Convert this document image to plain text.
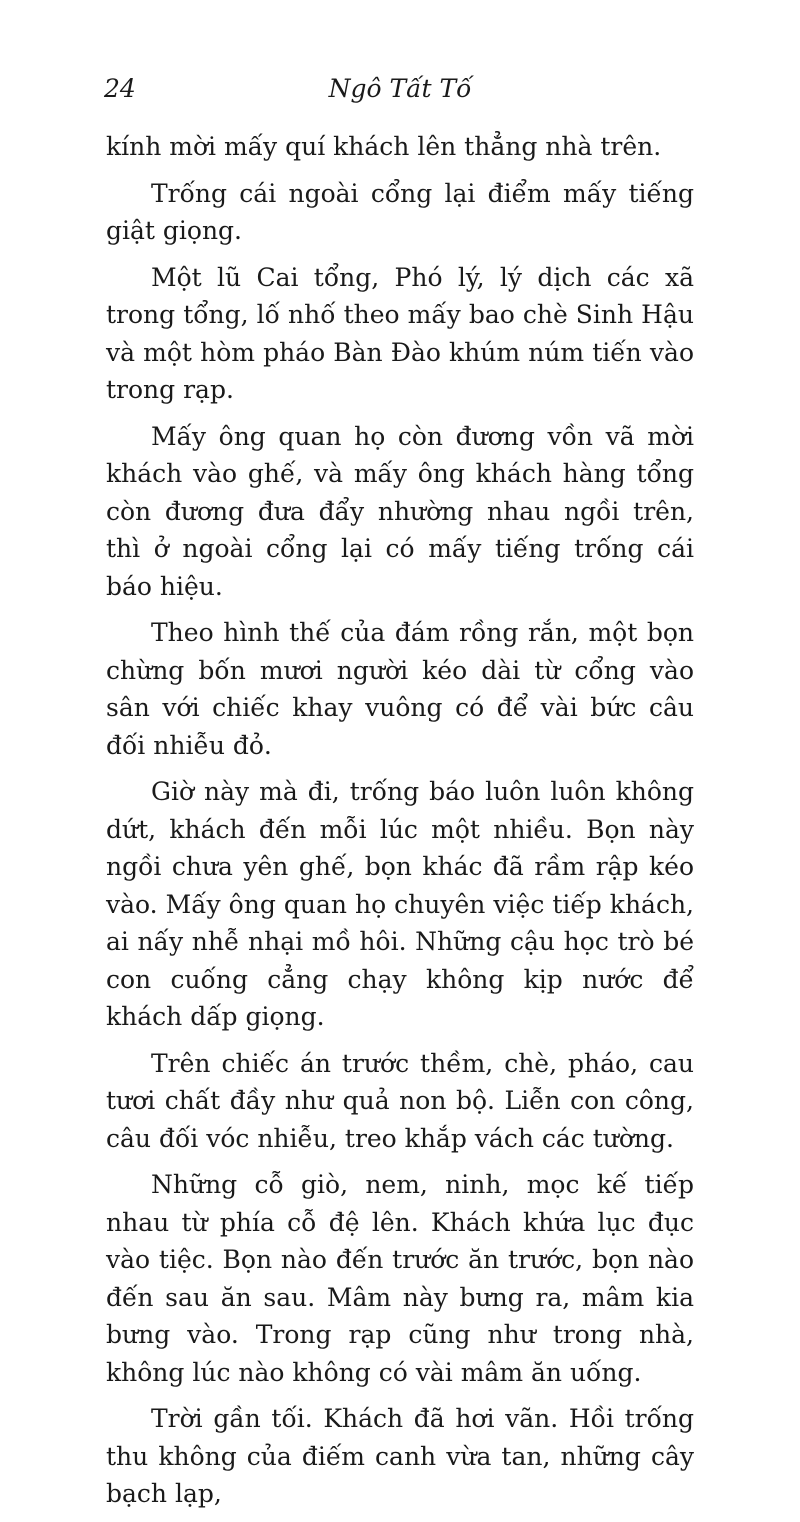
24	Ngô Tất Tố

kính mời mấy quí khách lên thẳng nhà trên.

Trống cái ngoài cổng lại điểm mấy tiếng giật giọng.

Một lũ Cai tổng, Phó lý, lý dịch các xã trong tổng, lố nhố theo mấy bao chè Sinh Hậu và một hòm pháo Bàn Đào khúm núm tiến vào trong rạp.

Mấy ông quan họ còn đương vồn vã mời khách vào ghế, và mấy ông khách hàng tổng còn đương đưa đẩy nhường nhau ngồi trên, thì ở ngoài cổng lại có mấy tiếng trống cái báo hiệu.

Theo hình thế của đám rồng rắn, một bọn chừng bốn mươi người kéo dài từ cổng vào sân với chiếc khay vuông có để vài bức câu đối nhiễu đỏ.

Giờ này mà đi, trống báo luôn luôn không dứt, khách đến mỗi lúc một nhiều. Bọn này ngồi chưa yên ghế, bọn khác đã rầm rập kéo vào. Mấy ông quan họ chuyên việc tiếp khách, ai nấy nhễ nhại mồ hôi. Những cậu học trò bé con cuống cẳng chạy không kịp nước để khách dấp giọng.

Trên chiếc án trước thềm, chè, pháo, cau tươi chất đầy như quả non bộ. Liễn con công, câu đối vóc nhiễu, treo khắp vách các tường.

Những cỗ giò, nem, ninh, mọc kế tiếp nhau từ phía cỗ đệ lên. Khách khứa lục đục vào tiệc. Bọn nào đến trước ăn trước, bọn nào đến sau ăn sau. Mâm này bưng ra, mâm kia bưng vào. Trong rạp cũng như trong nhà, không lúc nào không có vài mâm ăn uống.

Trời gần tối. Khách đã hơi vãn. Hồi trống thu không của điếm canh vừa tan, những cây bạch lạp,
